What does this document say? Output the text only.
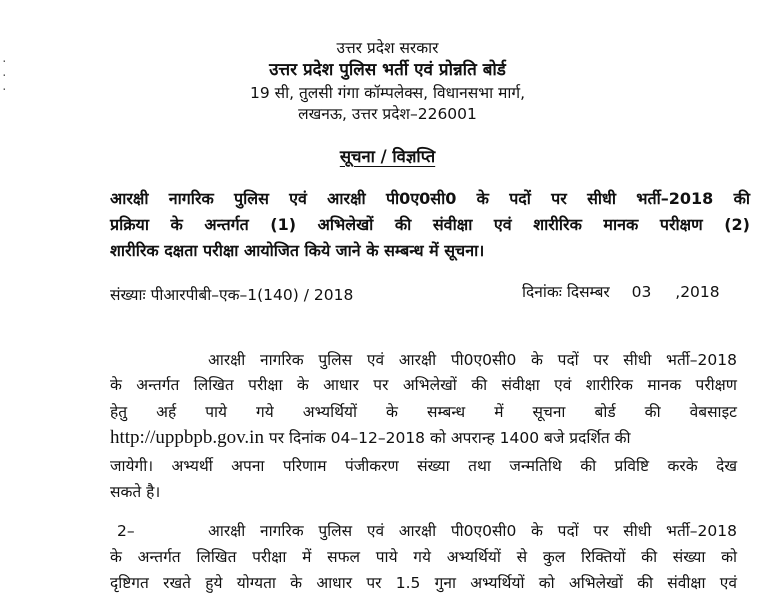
.
.
.
उत्तर प्रदेश सरकार
उत्तर प्रदेश पुलिस भर्ती एवं प्रोन्नति बोर्ड
19 सी, तुलसी गंगा कॉम्पलेक्स, विधानसभा मार्ग,
लखनऊ, उत्तर प्रदेश–226001
सूचना / विज्ञप्ति
आरक्षी नागरिक पुलिस एवं आरक्षी पी0ए0सी0 के पदों पर सीधी भर्ती–2018 की
प्रक्रिया के अन्तर्गत (1) अभिलेखों की संवीक्षा एवं शारीरिक मानक परीक्षण (2)
शारीरिक दक्षता परीक्षा आयोजित किये जाने के सम्बन्ध में सूचना।
संख्याः पीआरपीबी–एक–1(140) / 2018	दिनांकः दिसम्बर 03 ,2018
आरक्षी नागरिक पुलिस एवं आरक्षी पी0ए0सी0 के पदों पर सीधी भर्ती–2018
के अन्तर्गत लिखित परीक्षा के आधार पर अभिलेखों की संवीक्षा एवं शारीरिक मानक परीक्षण
हेतु अर्ह पाये गये अभ्यर्थियों के सम्बन्ध में सूचना बोर्ड की वेबसाइट
http://uppbpb.gov.in पर दिनांक 04–12–2018 को अपरान्ह 1400 बजे प्रदर्शित की
जायेगी। अभ्यर्थी अपना परिणाम पंजीकरण संख्या तथा जन्मतिथि की प्रविष्टि करके देख
सकते है।
2–	आरक्षी नागरिक पुलिस एवं आरक्षी पी0ए0सी0 के पदों पर सीधी भर्ती–2018
के अन्तर्गत लिखित परीक्षा में सफल पाये गये अभ्यर्थियों से कुल रिक्तियों की संख्या को
दृष्टिगत रखते हुये योग्यता के आधार पर 1.5 गुना अभ्यर्थियों को अभिलेखों की संवीक्षा एवं
